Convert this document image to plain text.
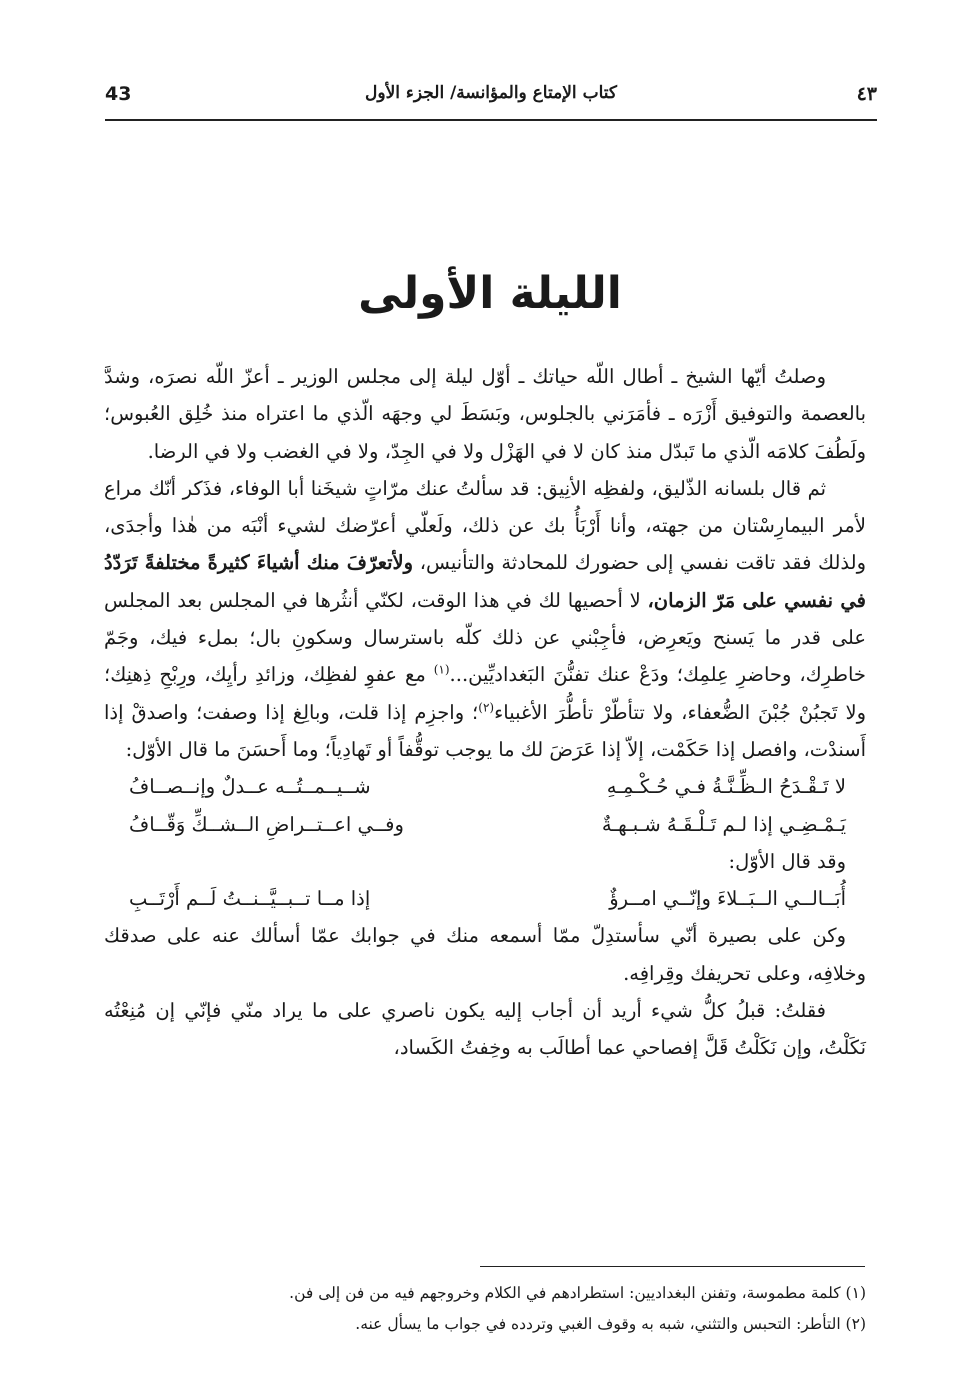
43	كتاب الإمتاع والمؤانسة/ الجزء الأول	٤٣
الليلة الأولى

وصلتُ أيّها الشيخ ـ أطال اللّه حياتك ـ أوّل ليلة إلى مجلس الوزير ـ أعزّ اللّه نصرَه، وشدَّ بالعصمة والتوفيق أَزْرَه ـ فأمَرَني بالجلوس، وبَسَطَ لي وجهَه الّذي ما اعتراه منذ خُلِق العُبوس؛ ولَطُفَ كلامَه الّذي ما تَبدّل منذ كان لا في الهَزْل ولا في الجِدّ، ولا في الغضب ولا في الرضا.

ثم قال بلسانه الذّليق، ولفظِه الأنِيق: قد سألتُ عنك مرّاتٍ شيخَنا أبا الوفاء، فذَكر أنّك مراع لأمر البيمارِسْتان من جهته، وأنا أَرْبَأُ بك عن ذلك، ولَعلّي أعرّضك لشيء أنْبَه من هٰذا وأجدَى، ولذلك فقد تاقت نفسي إلى حضورك للمحادثة والتأنيس، ولأتعرّفَ منك أشياءَ كثيرةً مختلفةً تَرَدّدُ في نفسي على مَرّ الزمان، لا أحصيها لك في هذا الوقت، لكنّي أنثُرها في المجلس بعد المجلس على قدر ما يَسنح ويَعرِض، فأجِبْني عن ذلك كلّه باسترسال وسكونِ بال؛ بملء فيك، وجَمّ خاطرِك، وحاضرِ عِلمِك؛ ودَعْ عنك تفنُّنَ البَغداديِّين...$^{(١)}$ مع عفوِ لفظِك، وزائدِ رأيِك، ورِبْحِ ذِهنِك؛ ولا تَجبُنْ جُبْنَ الضُّعفاء، ولا تتأطّرْ تأطُّرَ الأغبياء$^{(٢)}$؛ واجزِم إذا قلت، وبالِغ إذا وصفت؛ واصدقْ إذا أَسندْت، وافصل إذا حَكَمْت، إلاّ إذا عَرَضَ لك ما يوجب توقُّفاً أو تَهادِياً؛ وما أَحسَنَ ما قال الأوّل:

لا تَـقْـدَحُ الـظِّـنَّـةُ فـي حُـكْـمِـهِ
شــيــمــتُــه عــدلٌ وإنــصــافُ
يَـمْـضِـي إذا لـم تَـلْـقَـهُ شـبـهـةٌ
وفــي اعــتــراضِ الــشــكِّ وَقّــافُ

وقد قال الأوّل:

أُبَــالــي الــبَــلاءَ وإنّــي امــرؤٌ
إذا مــا تــبــيَّــنــتُ لَــم أَرْتَــبِ

وكن على بصيرة أنّي سأستدِلّ ممّا أسمعه منك في جوابك عمّا أسألك عنه على صدقك وخلافِه، وعلى تحريفك وقِرافِه.

فقلتُ: قبلُ كلُّ شيء أريد أن أجاب إليه يكون ناصري على ما يراد منّي فإنّي إن مُنِعْتُه نَكَلْتُ، وإن نَكَلْتُ قَلَّ إفصاحي عما أطالَب به وخِفتُ الكَساد،

(١) كلمة مطموسة، وتفنن البغداديين: استطرادهم في الكلام وخروجهم فيه من فن إلى فن.
(٢) التأطر: التحبس والتثني، شبه به وقوف الغبي وتردده في جواب ما يسأل عنه.
